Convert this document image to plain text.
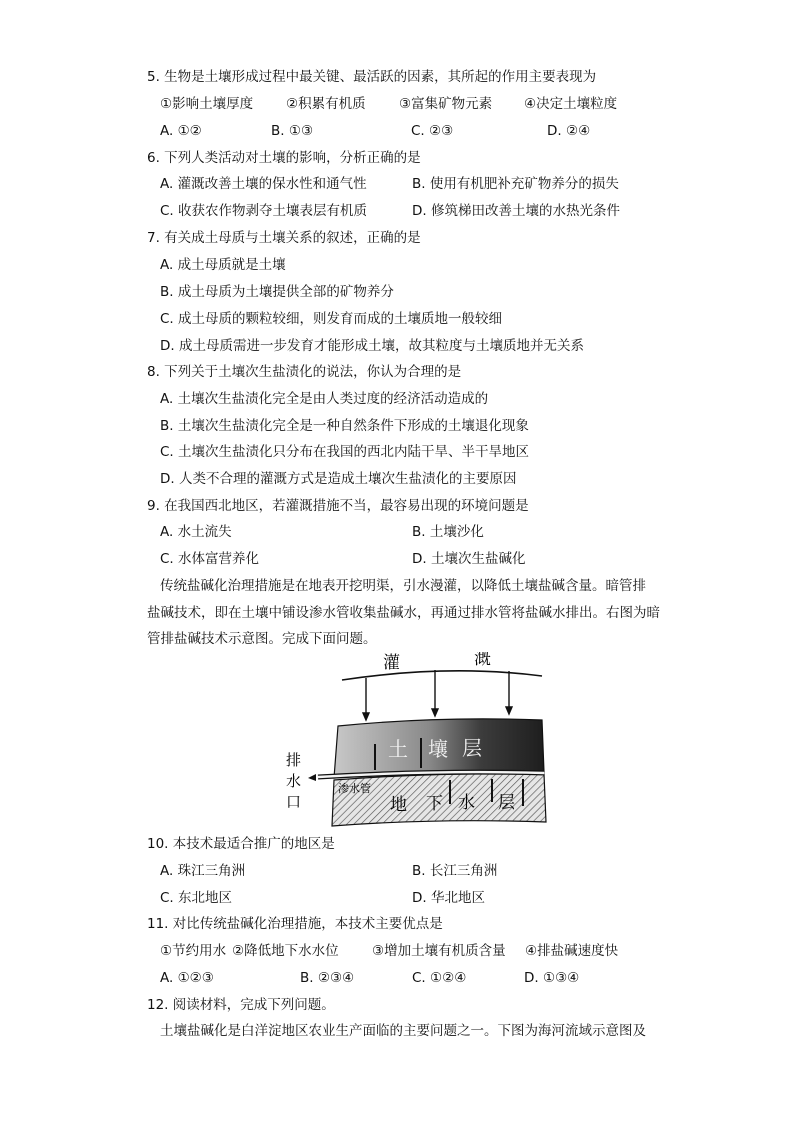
5. 生物是土壤形成过程中最关键、最活跃的因素，其所起的作用主要表现为
①影响土壤厚度 ②积累有机质 ③富集矿物元素 ④决定土壤粒度
A. ①②	B. ①③	C. ②③	D. ②④
6. 下列人类活动对土壤的影响，分析正确的是
A. 灌溉改善土壤的保水性和通气性	B. 使用有机肥补充矿物养分的损失
C. 收获农作物剥夺土壤表层有机质	D. 修筑梯田改善土壤的水热光条件
7. 有关成土母质与土壤关系的叙述，正确的是
A. 成土母质就是土壤
B. 成土母质为土壤提供全部的矿物养分
C. 成土母质的颗粒较细，则发育而成的土壤质地一般较细
D. 成土母质需进一步发育才能形成土壤，故其粒度与土壤质地并无关系
8. 下列关于土壤次生盐渍化的说法，你认为合理的是
A. 土壤次生盐渍化完全是由人类过度的经济活动造成的
B. 土壤次生盐渍化完全是一种自然条件下形成的土壤退化现象
C. 土壤次生盐渍化只分布在我国的西北内陆干旱、半干旱地区
D. 人类不合理的灌溉方式是造成土壤次生盐渍化的主要原因
9. 在我国西北地区，若灌溉措施不当，最容易出现的环境问题是
A. 水土流失	B. 土壤沙化
C. 水体富营养化	D. 土壤次生盐碱化
传统盐碱化治理措施是在地表开挖明渠，引水漫灌，以降低土壤盐碱含量。暗管排
盐碱技术，即在土壤中铺设渗水管收集盐碱水，再通过排水管将盐碱水排出。右图为暗
管排盐碱技术示意图。完成下面问题。
灌	溉
土 壤 层
排
水
口
渗水管
地 下 水 层
10. 本技术最适合推广的地区是
A. 珠江三角洲	B. 长江三角洲
C. 东北地区	D. 华北地区
11. 对比传统盐碱化治理措施，本技术主要优点是
①节约用水 ②降低地下水水位 ③增加土壤有机质含量 ④排盐碱速度快
A. ①②③	B. ②③④	C. ①②④	D. ①③④
12. 阅读材料，完成下列问题。
土壤盐碱化是白洋淀地区农业生产面临的主要问题之一。下图为海河流域示意图及
